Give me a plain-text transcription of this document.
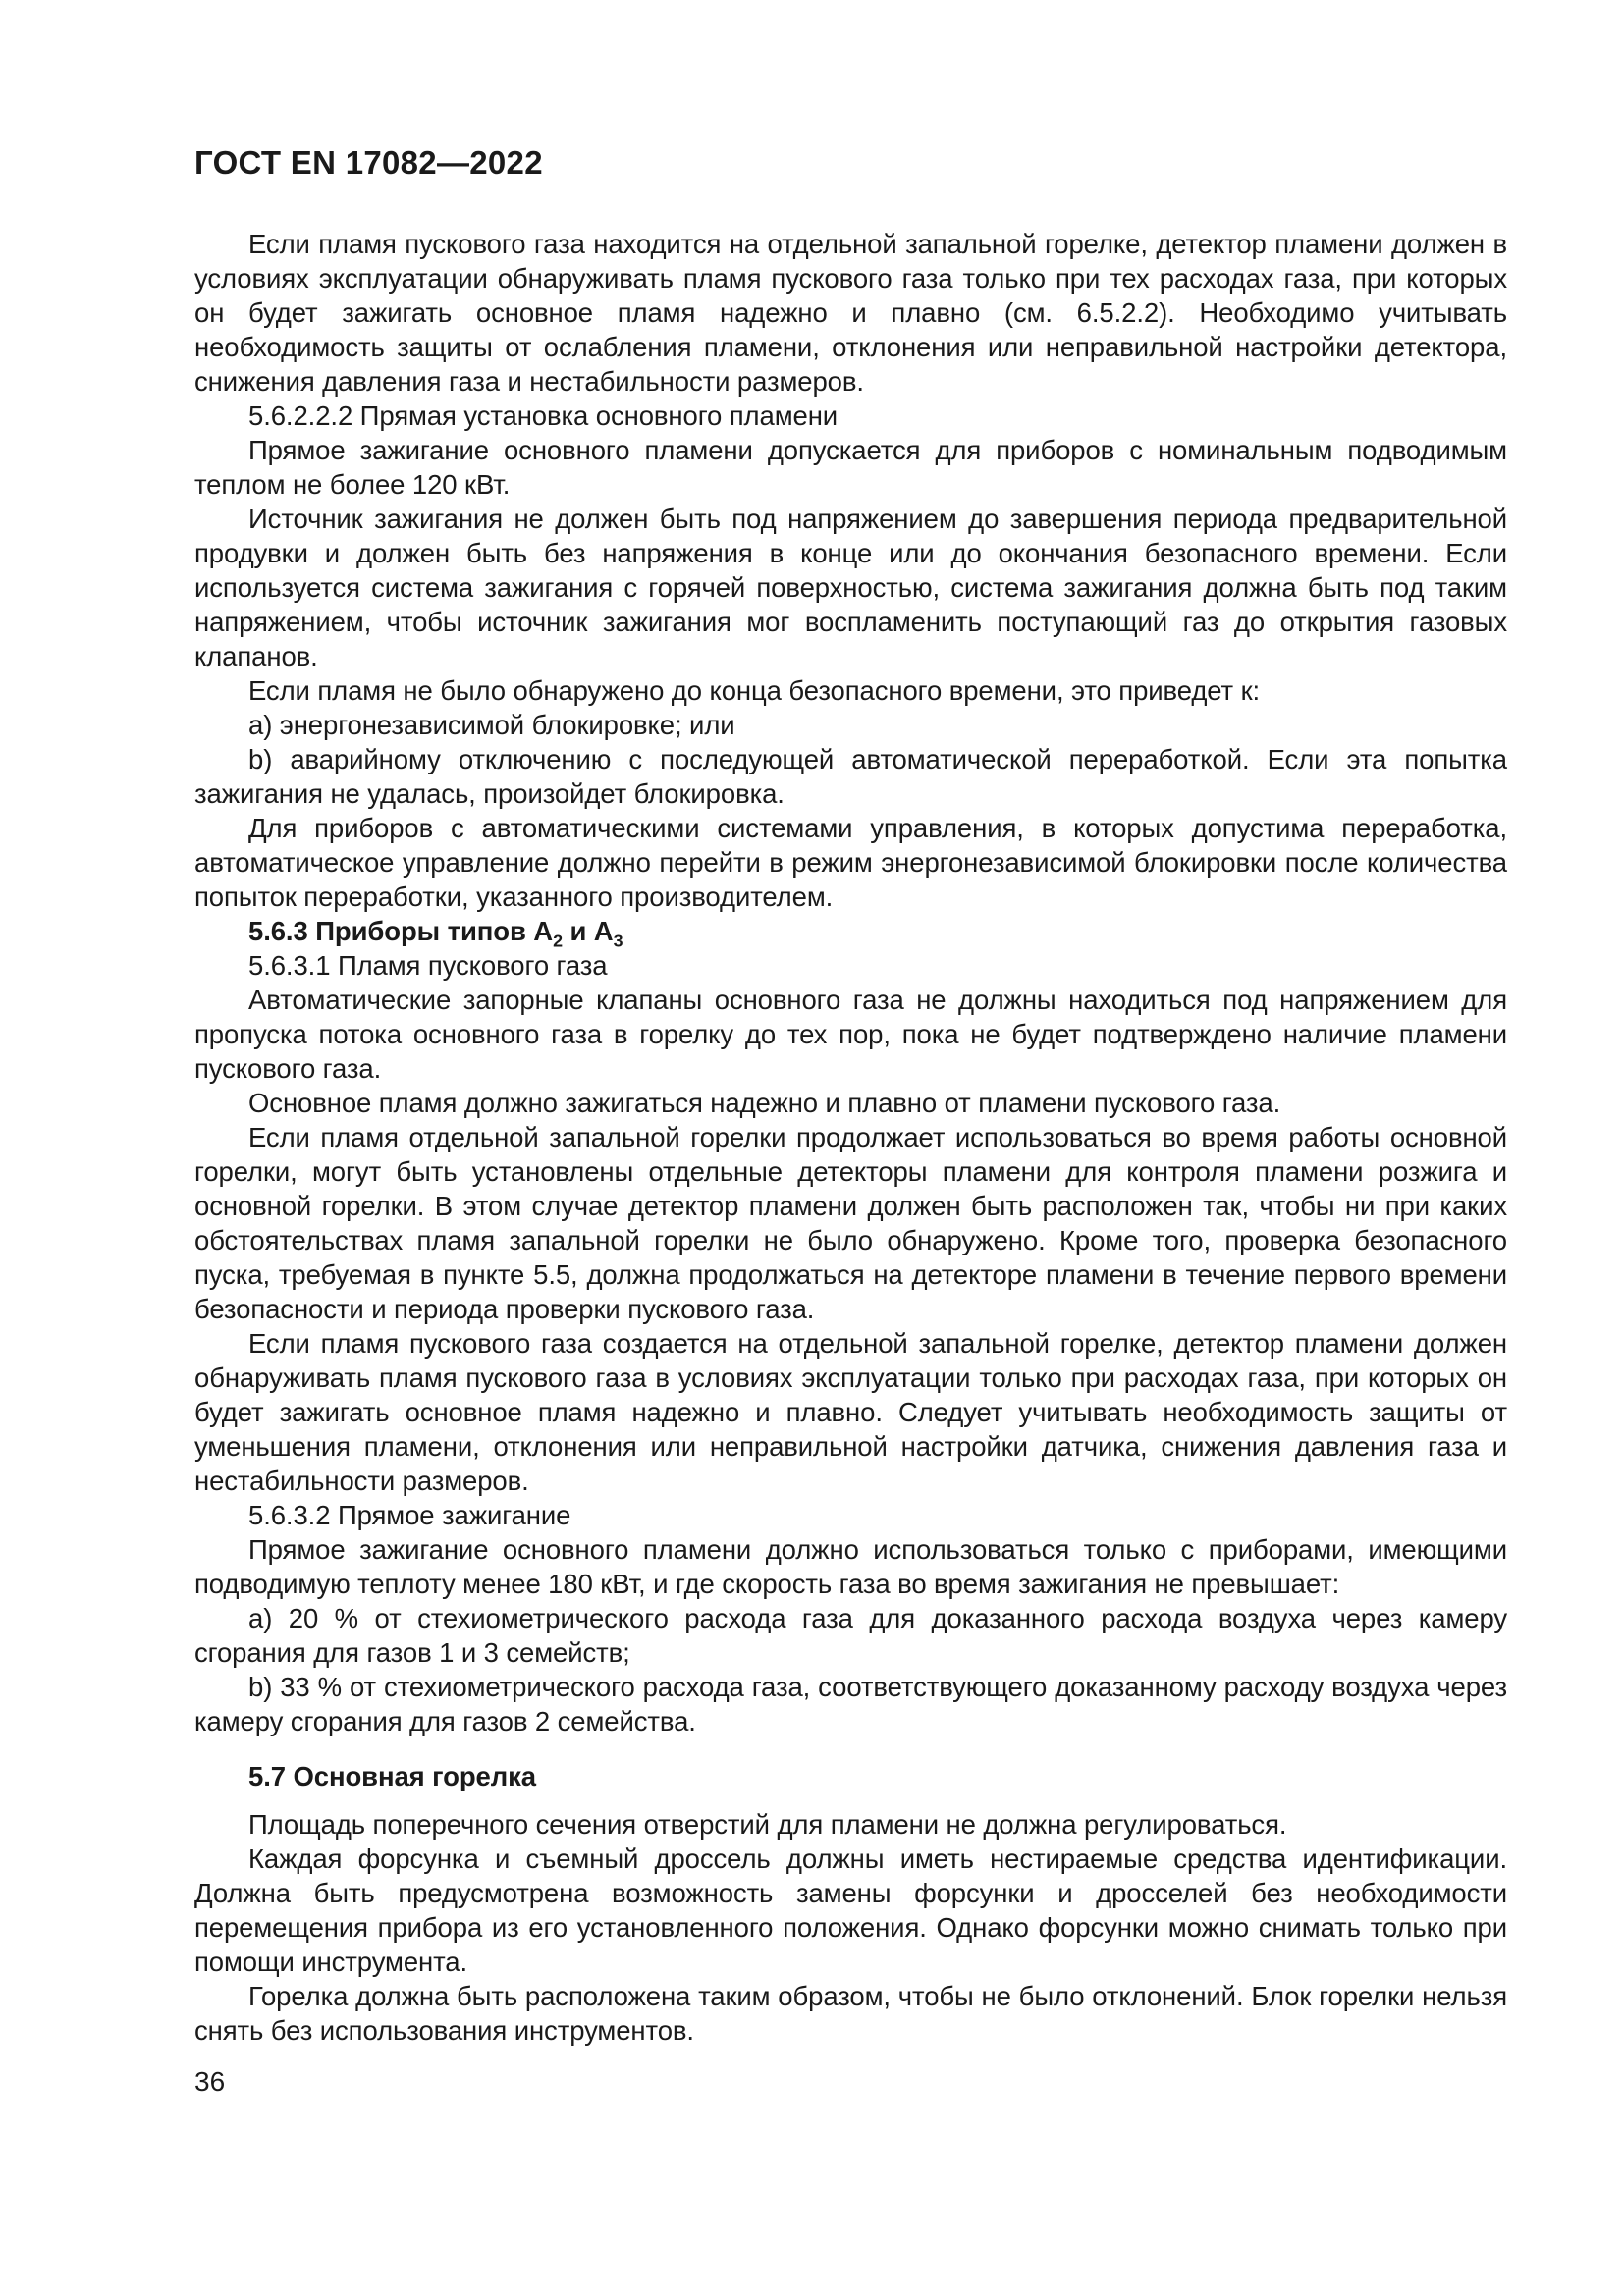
ГОСТ EN 17082—2022

Если пламя пускового газа находится на отдельной запальной горелке, детектор пламени должен в условиях эксплуатации обнаруживать пламя пускового газа только при тех расходах газа, при которых он будет зажигать основное пламя надежно и плавно (см. 6.5.2.2). Необходимо учитывать необходимость защиты от ослабления пламени, отклонения или неправильной настройки детектора, снижения давления газа и нестабильности размеров.

5.6.2.2.2 Прямая установка основного пламени

Прямое зажигание основного пламени допускается для приборов с номинальным подводимым теплом не более 120 кВт.

Источник зажигания не должен быть под напряжением до завершения периода предварительной продувки и должен быть без напряжения в конце или до окончания безопасного времени. Если используется система зажигания с горячей поверхностью, система зажигания должна быть под таким напряжением, чтобы источник зажигания мог воспламенить поступающий газ до открытия газовых клапанов.

Если пламя не было обнаружено до конца безопасного времени, это приведет к:

a) энергонезависимой блокировке; или

b) аварийному отключению с последующей автоматической переработкой. Если эта попытка зажигания не удалась, произойдет блокировка.

Для приборов с автоматическими системами управления, в которых допустима переработка, автоматическое управление должно перейти в режим энергонезависимой блокировки после количества попыток переработки, указанного производителем.

5.6.3 Приборы типов $А_2$ и $А_3$

5.6.3.1 Пламя пускового газа

Автоматические запорные клапаны основного газа не должны находиться под напряжением для пропуска потока основного газа в горелку до тех пор, пока не будет подтверждено наличие пламени пускового газа.

Основное пламя должно зажигаться надежно и плавно от пламени пускового газа.

Если пламя отдельной запальной горелки продолжает использоваться во время работы основной горелки, могут быть установлены отдельные детекторы пламени для контроля пламени розжига и основной горелки. В этом случае детектор пламени должен быть расположен так, чтобы ни при каких обстоятельствах пламя запальной горелки не было обнаружено. Кроме того, проверка безопасного пуска, требуемая в пункте 5.5, должна продолжаться на детекторе пламени в течение первого времени безопасности и периода проверки пускового газа.

Если пламя пускового газа создается на отдельной запальной горелке, детектор пламени должен обнаруживать пламя пускового газа в условиях эксплуатации только при расходах газа, при которых он будет зажигать основное пламя надежно и плавно. Следует учитывать необходимость защиты от уменьшения пламени, отклонения или неправильной настройки датчика, снижения давления газа и нестабильности размеров.

5.6.3.2 Прямое зажигание

Прямое зажигание основного пламени должно использоваться только с приборами, имеющими подводимую теплоту менее 180 кВт, и где скорость газа во время зажигания не превышает:

a) 20 % от стехиометрического расхода газа для доказанного расхода воздуха через камеру сгорания для газов 1 и 3 семейств;

b) 33 % от стехиометрического расхода газа, соответствующего доказанному расходу воздуха через камеру сгорания для газов 2 семейства.

5.7 Основная горелка

Площадь поперечного сечения отверстий для пламени не должна регулироваться.

Каждая форсунка и съемный дроссель должны иметь нестираемые средства идентификации. Должна быть предусмотрена возможность замены форсунки и дросселей без необходимости перемещения прибора из его установленного положения. Однако форсунки можно снимать только при помощи инструмента.

Горелка должна быть расположена таким образом, чтобы не было отклонений. Блок горелки нельзя снять без использования инструментов.

36
